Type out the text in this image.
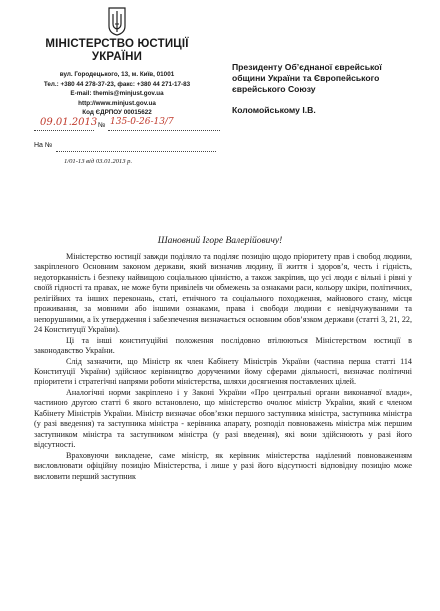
МІНІСТЕРСТВО ЮСТИЦІЇ
УКРАЇНИ
вул. Городецького, 13, м. Київ, 01001
Тел.: +380 44 278-37-23, факс: +380 44 271-17-83
E-mail: themis@minjust.gov.ua
http://www.minjust.gov.ua
Код ЄДРПОУ 00015622
09.01.2013 № 135-0-26-13/7
На №
1/01-13 від 03.01.2013 р.
Президенту Об’єднаної єврейської
общини України та Європейського
єврейського Союзу
Коломойському І.В.
Шановний Ігоре Валерійовичу!

Міністерство юстиції завжди поділяло та поділяє позицію щодо пріоритету прав і свобод людини, закріпленого Основним законом держави, який визначив людину, її життя і здоров’я, честь і гідність, недоторканність і безпеку найвищою соціальною цінністю, а також закріпив, що усі люди є вільні і рівні у своїй гідності та правах, не може бути привілеїв чи обмежень за ознаками раси, кольору шкіри, політичних, релігійних та інших переконань, статі, етнічного та соціального походження, майнового стану, місця проживання, за мовними або іншими ознаками, права і свободи людини є невідчужуваними та непорушними, а їх утвердження і забезпечення визначається основним обов’язком держави (статті 3, 21, 22, 24 Конституції України).

Ці та інші конституційні положення послідовно втілюються Міністерством юстиції в законодавство України.

Слід зазначити, що Міністр як член Кабінету Міністрів України (частина перша статті 114 Конституції України) здійснює керівництво дорученими йому сферами діяльності, визначає політичні пріоритети і стратегічні напрями роботи міністерства, шляхи досягнення поставлених цілей.

Аналогічні норми закріплено і у Законі України «Про центральні органи виконавчої влади», частиною другою статті 6 якого встановлено, що міністерство очолює міністр України, який є членом Кабінету Міністрів України. Міністр визначає обов’язки першого заступника міністра, заступника міністра (у разі введення) та заступника міністра - керівника апарату, розподіл повноважень міністра між першим заступником міністра та заступником міністра (у разі введення), які вони здійснюють у разі його відсутності.

Враховуючи викладене, саме міністр, як керівник міністерства наділений повноваженням висловлювати офіційну позицію Міністерства, і лише у разі його відсутності відповідну позицію може висловити перший заступник
